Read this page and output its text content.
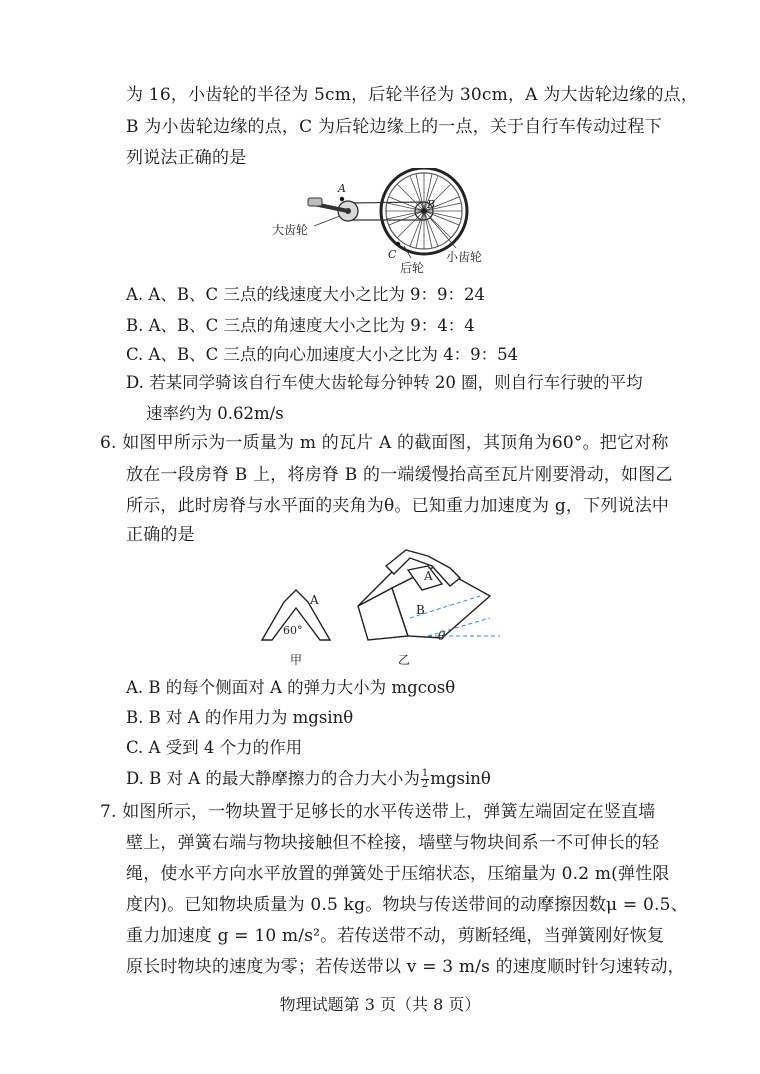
为 16，小齿轮的半径为 5cm，后轮半径为 30cm，A 为大齿轮边缘的点，
B 为小齿轮边缘的点，C 为后轮边缘上的一点，关于自行车传动过程下
列说法正确的是
A
B
C
大齿轮
后轮
小齿轮
A. A、B、C 三点的线速度大小之比为 9：9：24
B. A、B、C 三点的角速度大小之比为 9：4：4
C. A、B、C 三点的向心加速度大小之比为 4：9：54
D. 若某同学骑该自行车使大齿轮每分钟转 20 圈，则自行车行驶的平均
速率约为 0.62m/s
6. 如图甲所示为一质量为 m 的瓦片 A 的截面图，其顶角为60°。把它对称
放在一段房脊 B 上，将房脊 B 的一端缓慢抬高至瓦片刚要滑动，如图乙
所示，此时房脊与水平面的夹角为θ。已知重力加速度为 g，下列说法中
正确的是
A
60°
甲
A
B
θ
乙
A. B 的每个侧面对 A 的弹力大小为 mgcosθ
B. B 对 A 的作用力为 mgsinθ
C. A 受到 4 个力的作用
D. B 对 A 的最大静摩擦力的合力大小为 $\frac{1}{2}$ mgsinθ
7. 如图所示，一物块置于足够长的水平传送带上，弹簧左端固定在竖直墙
壁上，弹簧右端与物块接触但不栓接，墙壁与物块间系一不可伸长的轻
绳，使水平方向水平放置的弹簧处于压缩状态，压缩量为 0.2 m(弹性限
度内)。已知物块质量为 0.5 kg。物块与传送带间的动摩擦因数μ = 0.5、
重力加速度 g = 10 m/s²。若传送带不动，剪断轻绳，当弹簧刚好恢复
原长时物块的速度为零；若传送带以 v = 3 m/s 的速度顺时针匀速转动，
物理试题第 3 页（共 8 页）
